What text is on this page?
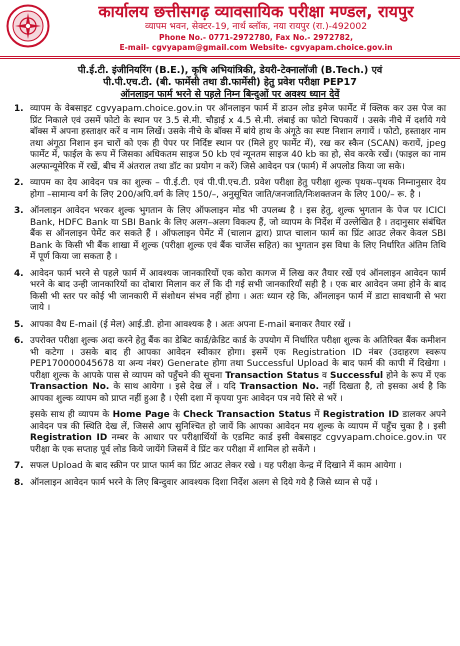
कार्यालय छत्तीसगढ़ व्यावसायिक परीक्षा मण्डल, रायपुर
व्यापम भवन, सेक्टर-19, नार्थ ब्लॉक, नया रायपुर (रा.)-492002
Phone No.- 0771-2972780, Fax No.- 2972782,
E-mail- cgvyapam@gmail.com Website- cgvyapam.choice.gov.in
पी.ई.टी. इंजीनियरिंग (B.E.), कृषि अभियांत्रिकी, डेयरी-टेक्नालॉजी (B.Tech.) एवं
पी.पी.एच.टी. (बी. फार्मेसी तथा डी.फार्मेसी) हेतु प्रवेश परीक्षा PEP17
ऑनलाइन फार्म भरने से पहले निम्न बिन्दुओं पर अवश्य ध्यान देवें
1. व्यापम के वेबसाइट cgvyapam.choice.gov.in पर ऑनलाइन फार्म में डाउन लोड इमेज फार्मेट में क्लिक कर उस पेज का प्रिंट निकाले एवं उसमें फोटो के स्थान पर 3.5 से.मी. चौड़ाई x 4.5 से.मी. लंबाई का फोटो चिपकायें । उसके नीचे में दर्शाये गये बॉक्स में अपना हस्ताक्षर करें व नाम लिखें। उसके नीचे के बॉक्स में बांये हाथ के अंगूठे का स्पष्ट निशान लगायें । फोटो, हस्ताक्षर नाम तथा अंगूठा निशान इन चारों को एक ही पेपर पर निर्दिष्ट स्थान पर (मिले हुए फार्मेट में), रख कर स्कैन (SCAN) करायें, jpeg फार्मेट में, फाईल के रूप में जिसका अधिकतम साइज 50 kb एवं न्यूनतम साइज 40 kb का हो, सेव करके रखें। (फाइल का नाम अल्फान्यूमेरिक में रखें, बीच में अंतराल तथा डॉट का प्रयोग न करें) जिसे आवेदन पत्र (फार्म) में अपलोड किया जा सके।
2. व्यापम का देय आवेदन पत्र का शुल्क – पी.ई.टी. एवं पी.पी.एच.टी. प्रवेश परीक्षा हेतु परीक्षा शुल्क पृथक–पृथक निम्नानुसार देय होगा –सामान्य वर्ग के लिए 200/अपि.वर्ग के लिए 150/–, अनुसूचित जाति/जनजाति/निःशक्तजन के लिए 100/– रू. है ।
3. ऑनलाइन आवेदन भरकर शुल्क भुगतान के लिए ऑफलाइन मोड भी उपलब्ध है । इस हेतु, शुल्क भुगतान के पेज पर ICICI Bank, HDFC Bank या SBI Bank के लिए अलग–अलग विकल्प हैं, जो व्यापम के निर्देश में उल्लेखित है । तदानुसार संबंधित बैंक स ऑनलाइन पेमेंट कर सकते हैं । ऑफलाइन पेमेंट में (चालान द्वारा) प्राप्त चालान फार्म का प्रिंट आउट लेकर केवल SBI Bank के किसी भी बैंक शाखा में शुल्क (परीक्षा शुल्क एवं बैंक चार्जेस सहित) का भुगतान इस विधा के लिए निर्धारित अंतिम तिथि में पूर्ण किया जा सकता है ।
4. आवेदन फार्म भरने से पहले फार्म में आवश्यक जानकारियों एक कोरा कागज में लिख कर तैयार रखें एवं ऑनलाइन आवेदन फार्म भरने के बाद उन्ही जानकारियों का दोबारा मिलान कर लें कि दी गई सभी जानकारियाँ सही है । एक बार आवेदन जमा होने के बाद किसी भी स्तर पर कोई भी जानकारी में संशोधन संभव नहीं होगा । अतः ध्यान रहे कि, ऑनलाइन फार्म में डाटा सावधानी से भरा जाये ।
5. आपका वैध E-mail (ई मेल) आई.डी. होना आवश्यक है । अतः अपना E-mail बनाकर तैयार रखें ।
6. उपरोक्त परीक्षा शुल्क अदा करने हेतु बैंक का डेबिट कार्ड/क्रेडिट कार्ड के उपयोग में निर्धारित परीक्षा शुल्क के अतिरिक्त बैंक कमीशन भी कटेगा । उसके बाद ही आपका आवेदन स्वीकार होगा। इसमें एक Registration ID नंबर (उदाहरण स्वरूप PEP170000045678 या अन्य नंबर) Generate होगा तथा Successful Upload के बाद फार्म की कापी में दिखेगा । परीक्षा शुल्क के आपके पास से व्यापम को पहुँचने की सूचना Transaction Status व Successful होने के रूप में एक Transaction No. के साथ आयेगा । इसे देख लें । यदि Transaction No. नहीं दिखता है, तो इसका अर्थ है कि आपका शुल्क व्यापम को प्राप्त नहीं हुआ है । ऐसी दशा में कृपया पुनः आवेदन पत्र नये सिरे से भरें ।
इसके साथ ही व्यापम के Home Page के Check Transaction Status में Registration ID डालकर अपने आवेदन पत्र की स्थिति देख लें, जिससे आप सुनिश्चित हो जायें कि आपका आवेदन मय शुल्क के व्यापम में पहुँच चुका है । इसी Registration ID नम्बर के आधार पर परीक्षार्थियों के एडमिट कार्ड इसी वेबसाइट cgvyapam.choice.gov.in पर परीक्षा के एक सप्ताह पूर्व लोड किये जायेंगे जिसमें वे प्रिंट कर परीक्षा में शामिल हो सकेंगे ।
7. सफल Upload के बाद स्क्रीन पर प्राप्त फार्म का प्रिंट आउट लेकर रखे । यह परीक्षा केन्द्र में दिखाने में काम आयेगा ।
8. ऑनलाइन आवेदन फार्म भरने के लिए बिन्दुवार आवश्यक दिशा निर्देश अलग से दिये गये है जिसे ध्यान से पढ़ें ।
